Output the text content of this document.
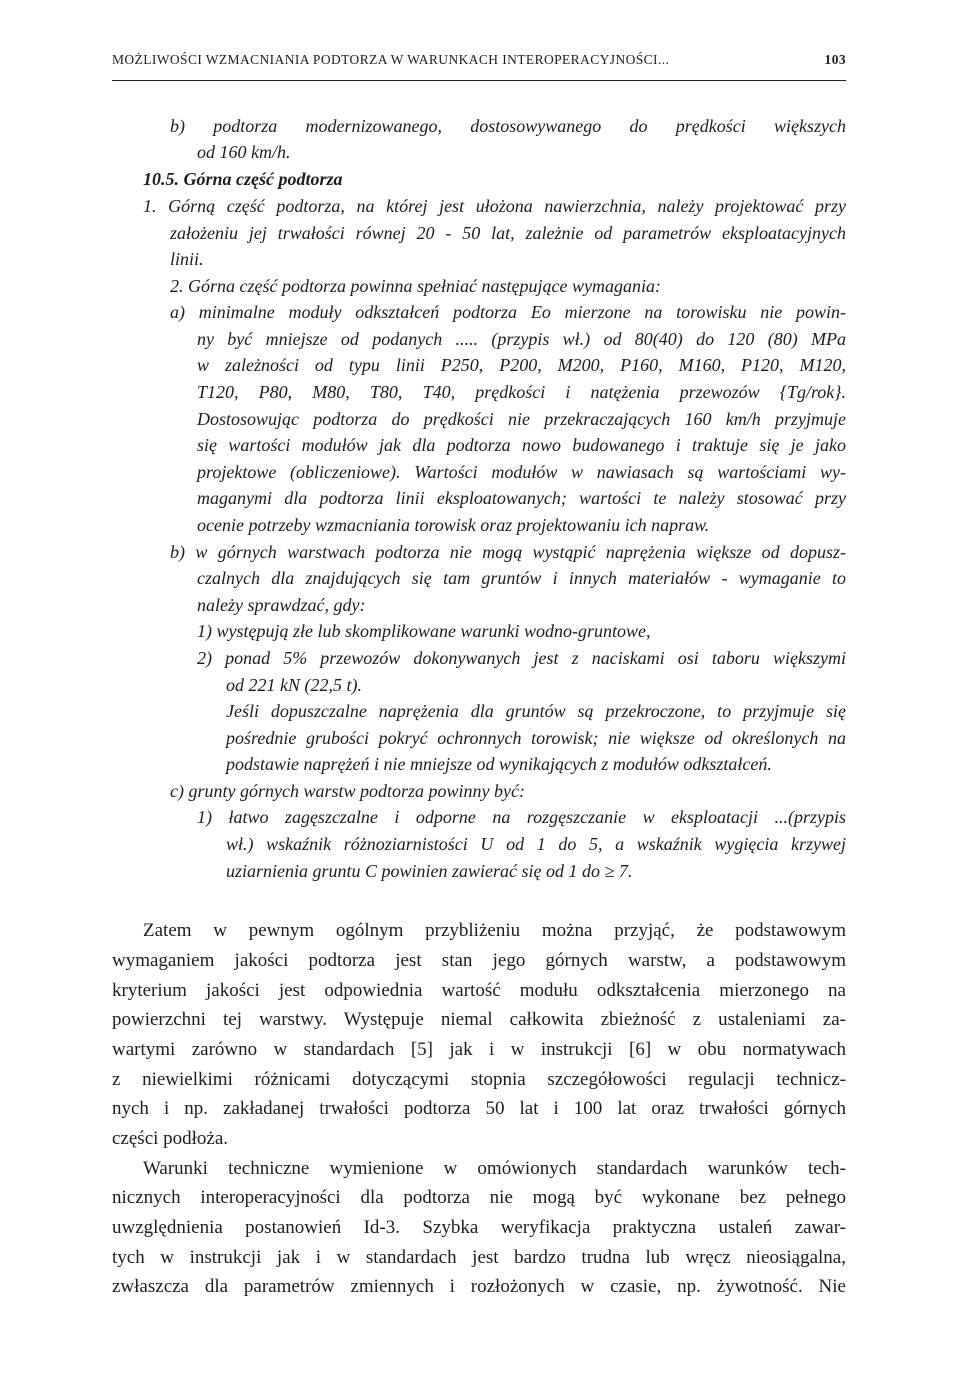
MOŻLIWOŚCI WZMACNIANIA PODTORZA W WARUNKACH INTEROPERACYJNOŚCI...	103
b) podtorza modernizowanego, dostosowywanego do prędkości większych
od 160 km/h.
10.5. Górna część podtorza
1. Górną część podtorza, na której jest ułożona nawierzchnia, należy projektować przy
założeniu jej trwałości równej 20 - 50 lat, zależnie od parametrów eksploatacyjnych
linii.
2. Górna część podtorza powinna spełniać następujące wymagania:
a) minimalne moduły odkształceń podtorza Eo mierzone na torowisku nie powin-
ny być mniejsze od podanych ..... (przypis wł.) od 80(40) do 120 (80) MPa
w zależności od typu linii P250, P200, M200, P160, M160, P120, M120,
T120, P80, M80, T80, T40, prędkości i natężenia przewozów {Tg/rok}.
Dostosowując podtorza do prędkości nie przekraczających 160 km/h przyjmuje
się wartości modułów jak dla podtorza nowo budowanego i traktuje się je jako
projektowe (obliczeniowe). Wartości modułów w nawiasach są wartościami wy-
maganymi dla podtorza linii eksploatowanych; wartości te należy stosować przy
ocenie potrzeby wzmacniania torowisk oraz projektowaniu ich napraw.
b) w górnych warstwach podtorza nie mogą wystąpić naprężenia większe od dopusz-
czalnych dla znajdujących się tam gruntów i innych materiałów - wymaganie to
należy sprawdzać, gdy:
1) występują złe lub skomplikowane warunki wodno-gruntowe,
2) ponad 5% przewozów dokonywanych jest z naciskami osi taboru większymi
od 221 kN (22,5 t).
Jeśli dopuszczalne naprężenia dla gruntów są przekroczone, to przyjmuje się
pośrednie grubości pokryć ochronnych torowisk; nie większe od określonych na
podstawie naprężeń i nie mniejsze od wynikających z modułów odkształceń.
c) grunty górnych warstw podtorza powinny być:
1) łatwo zagęszczalne i odporne na rozgęszczanie w eksploatacji ...(przypis
wł.) wskaźnik różnoziarnistości U od 1 do 5, a wskaźnik wygięcia krzywej
uziarnienia gruntu C powinien zawierać się od 1 do ≥ 7.
Zatem w pewnym ogólnym przybliżeniu można przyjąć, że podstawowym
wymaganiem jakości podtorza jest stan jego górnych warstw, a podstawowym
kryterium jakości jest odpowiednia wartość modułu odkształcenia mierzonego na
powierzchni tej warstwy. Występuje niemal całkowita zbieżność z ustaleniami za-
wartymi zarówno w standardach [5] jak i w instrukcji [6] w obu normatywach
z niewielkimi różnicami dotyczącymi stopnia szczegółowości regulacji technicz-
nych i np. zakładanej trwałości podtorza 50 lat i 100 lat oraz trwałości górnych
części podłoża.
Warunki techniczne wymienione w omówionych standardach warunków tech-
nicznych interoperacyjności dla podtorza nie mogą być wykonane bez pełnego
uwzględnienia postanowień Id-3. Szybka weryfikacja praktyczna ustaleń zawar-
tych w instrukcji jak i w standardach jest bardzo trudna lub wręcz nieosiągalna,
zwłaszcza dla parametrów zmiennych i rozłożonych w czasie, np. żywotność. Nie
